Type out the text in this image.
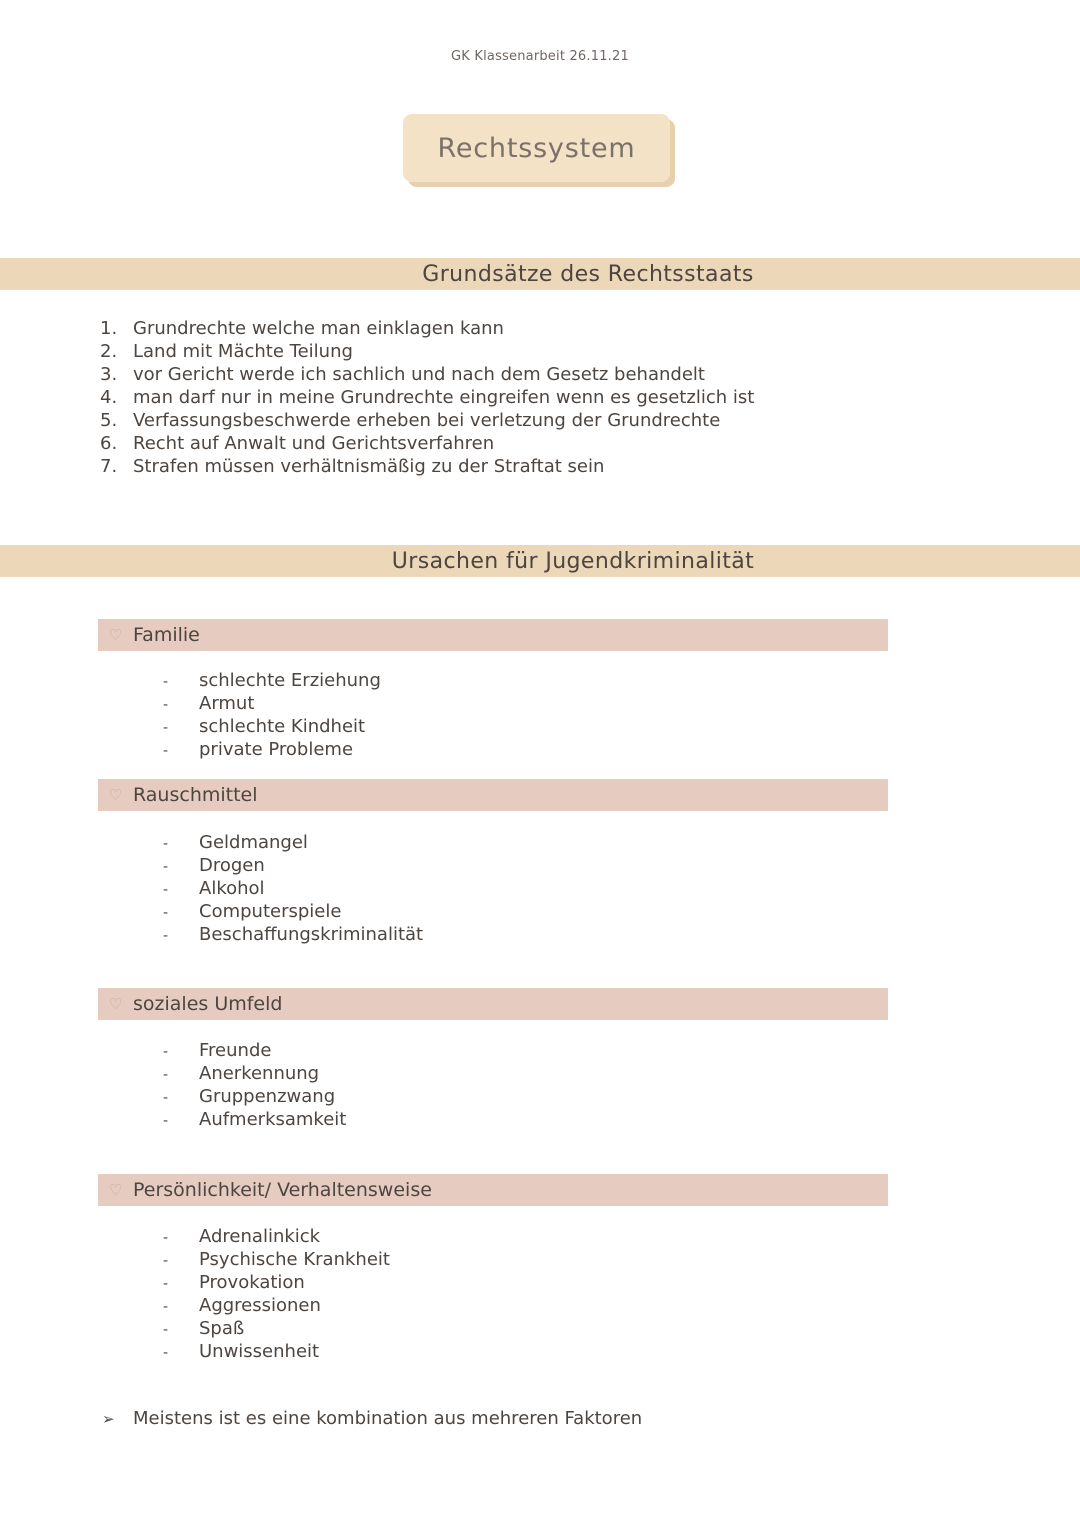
GK Klassenarbeit 26.11.21
Rechtssystem
Grundsätze des Rechtsstaats
1. Grundrechte welche man einklagen kann
2. Land mit Mächte Teilung
3. vor Gericht werde ich sachlich und nach dem Gesetz behandelt
4. man darf nur in meine Grundrechte eingreifen wenn es gesetzlich ist
5. Verfassungsbeschwerde erheben bei verletzung der Grundrechte
6. Recht auf Anwalt und Gerichtsverfahren
7. Strafen müssen verhältnismäßig zu der Straftat sein
Ursachen für Jugendkriminalität
♡ Familie
- schlechte Erziehung
- Armut
- schlechte Kindheit
- private Probleme
♡ Rauschmittel
- Geldmangel
- Drogen
- Alkohol
- Computerspiele
- Beschaffungskriminalität
♡ soziales Umfeld
- Freunde
- Anerkennung
- Gruppenzwang
- Aufmerksamkeit
♡ Persönlichkeit/ Verhaltensweise
- Adrenalinkick
- Psychische Krankheit
- Provokation
- Aggressionen
- Spaß
- Unwissenheit
➢ Meistens ist es eine kombination aus mehreren Faktoren
